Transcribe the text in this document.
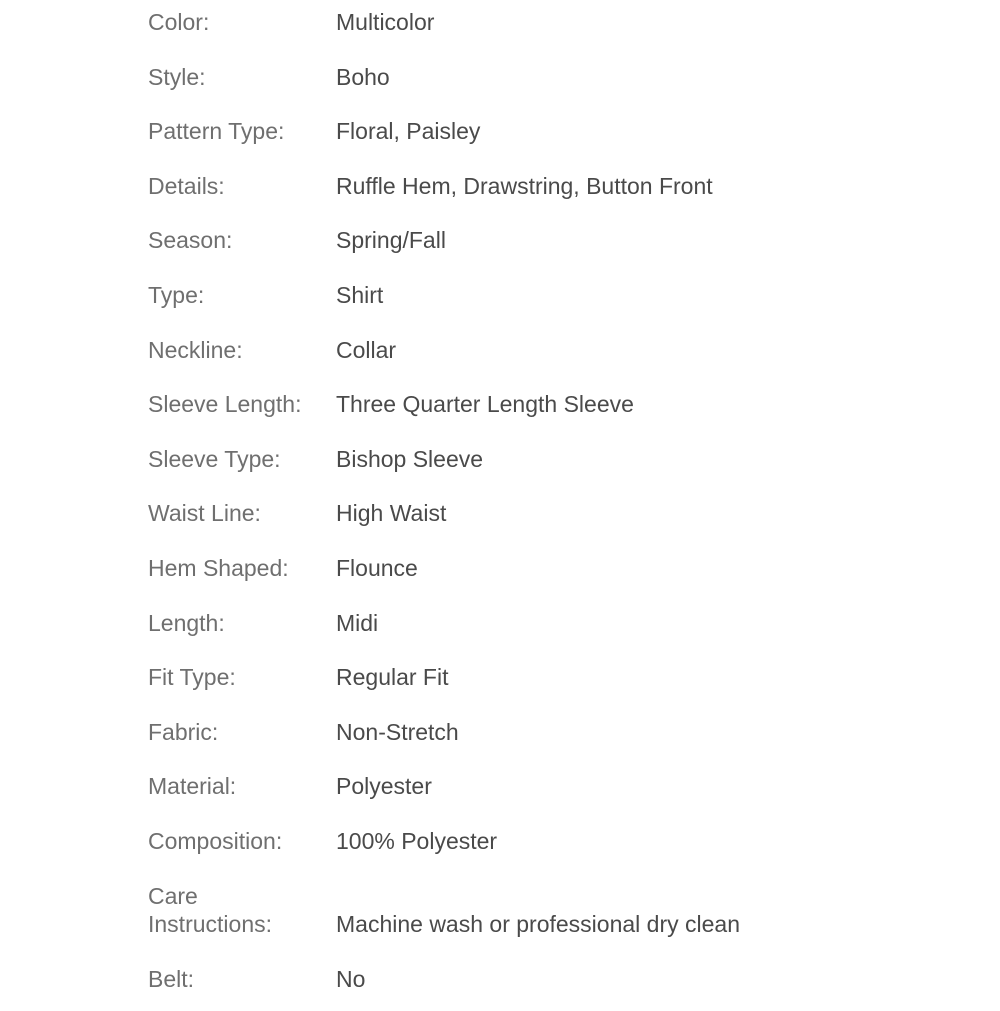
Color:	Multicolor
Style:	Boho
Pattern Type:	Floral, Paisley
Details:	Ruffle Hem, Drawstring, Button Front
Season:	Spring/Fall
Type:	Shirt
Neckline:	Collar
Sleeve Length:	Three Quarter Length Sleeve
Sleeve Type:	Bishop Sleeve
Waist Line:	High Waist
Hem Shaped:	Flounce
Length:	Midi
Fit Type:	Regular Fit
Fabric:	Non-Stretch
Material:	Polyester
Composition:	100% Polyester
Care Instructions:	Machine wash or professional dry clean
Belt:	No
